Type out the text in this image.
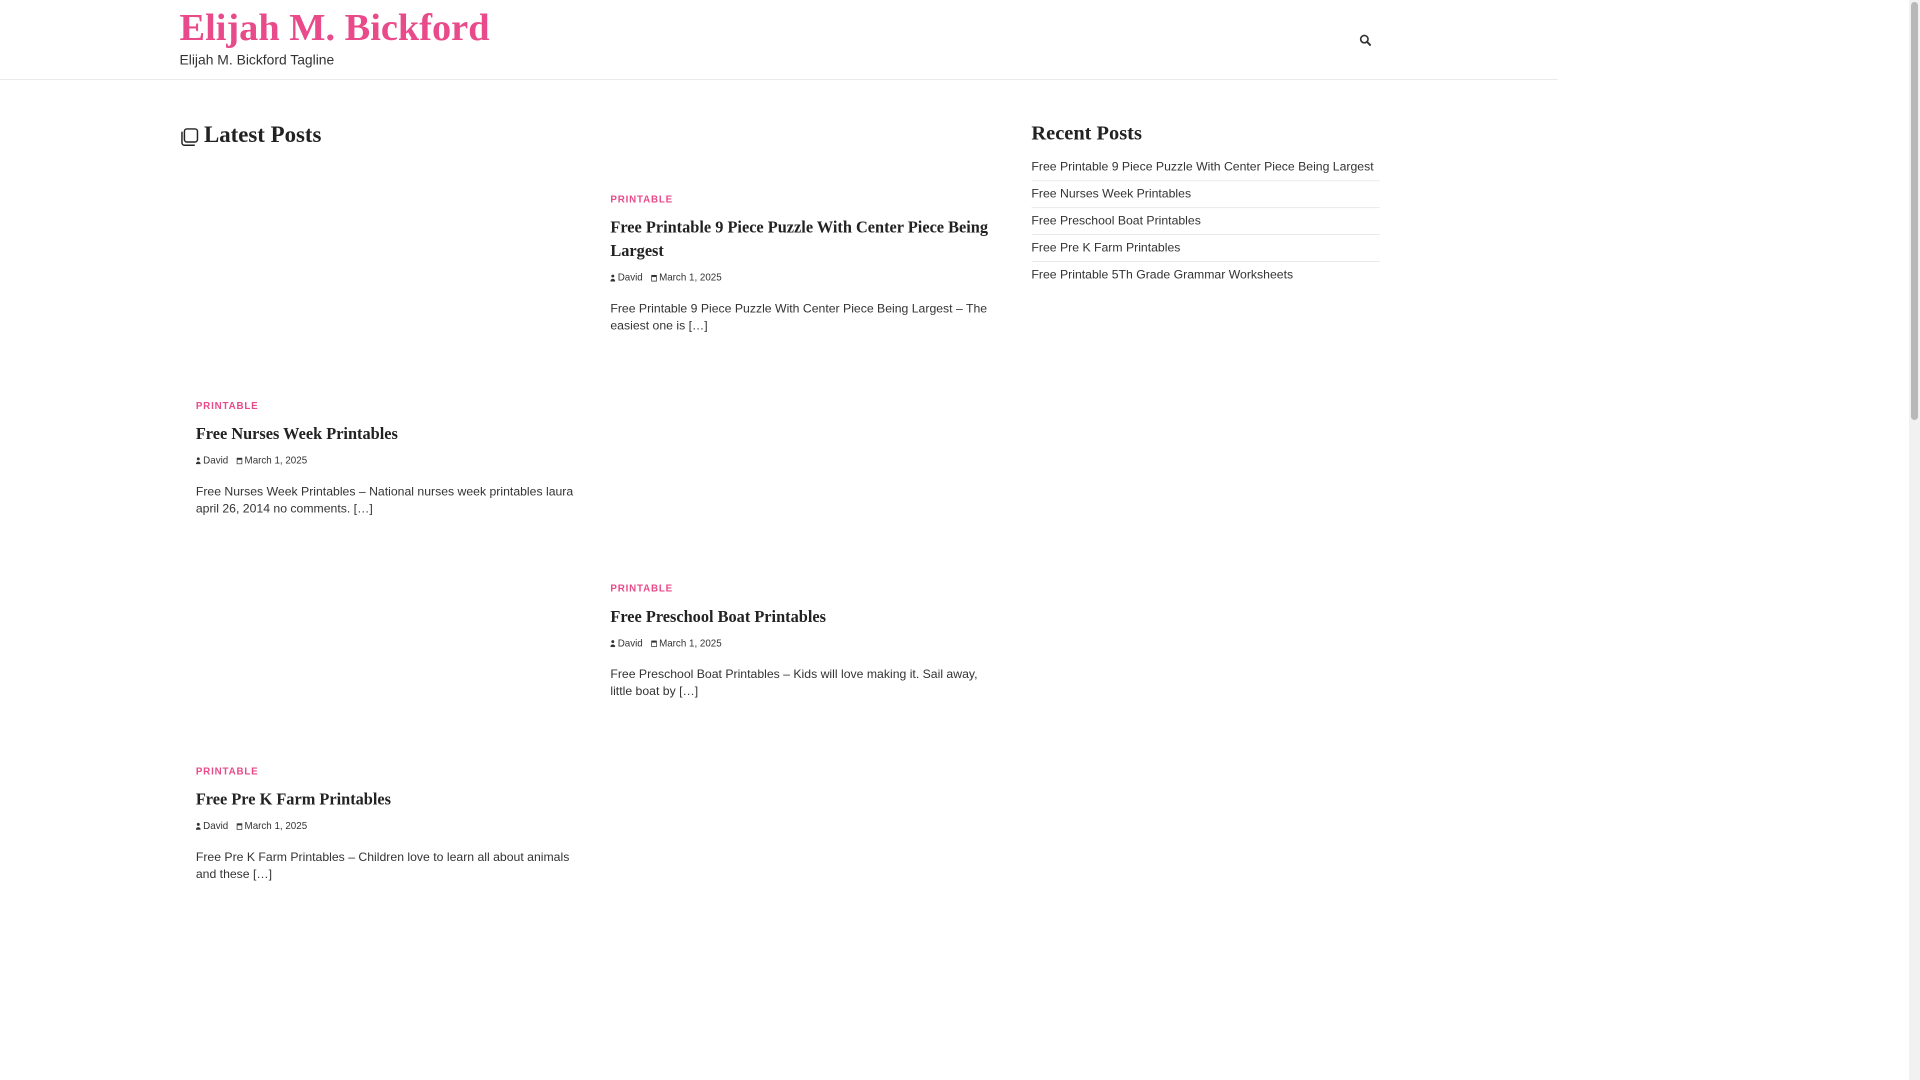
Elijah M. Bickford

Elijah M. Bickford Tagline

Latest Posts
PRINTABLE
Free Printable 9 Piece Puzzle With Center Piece Being Largest
David March 1, 2025

Free Printable 9 Piece Puzzle With Center Piece Being Largest – The easiest one is […]

PRINTABLE
Free Nurses Week Printables
David March 1, 2025

Free Nurses Week Printables – National nurses week printables laura april 26, 2014 no comments. […]

PRINTABLE
Free Preschool Boat Printables
David March 1, 2025

Free Preschool Boat Printables – Kids will love making it. Sail away, little boat by […]

PRINTABLE
Free Pre K Farm Printables
David March 1, 2025

Free Pre K Farm Printables – Children love to learn all about animals and these […]

Recent Posts
Free Printable 9 Piece Puzzle With Center Piece Being Largest
Free Nurses Week Printables
Free Preschool Boat Printables
Free Pre K Farm Printables
Free Printable 5Th Grade Grammar Worksheets
